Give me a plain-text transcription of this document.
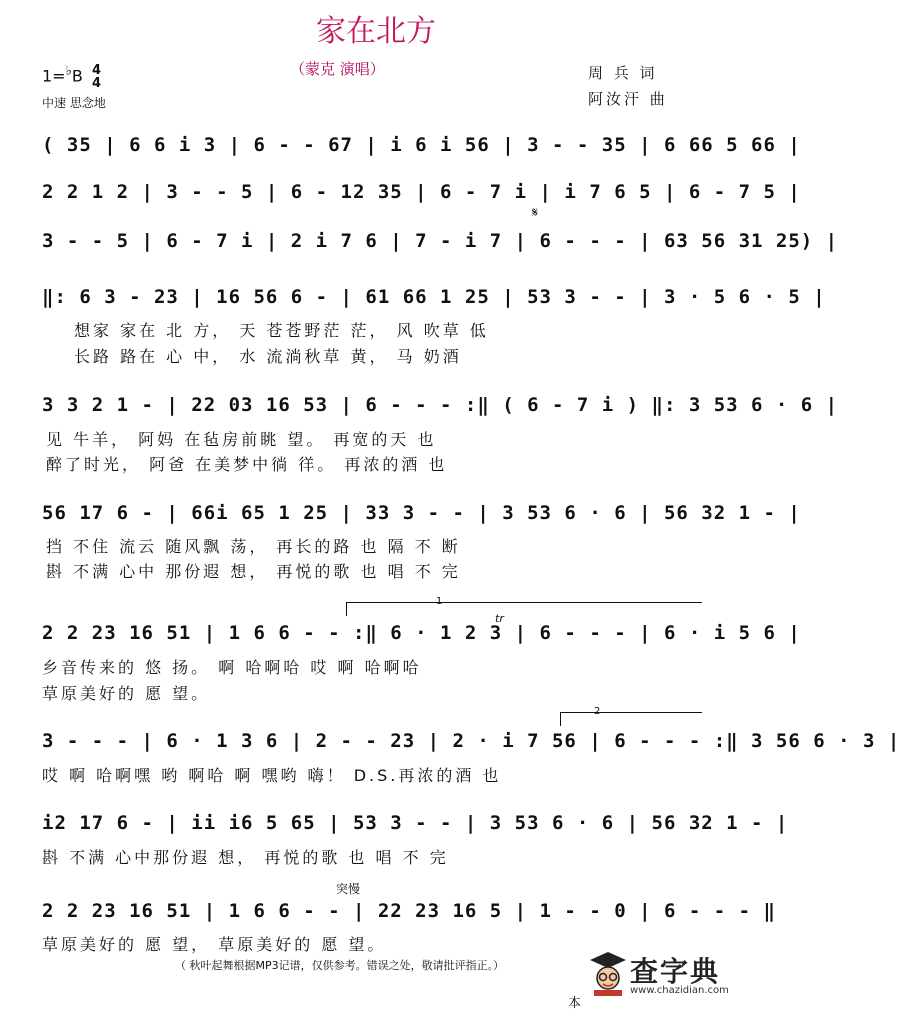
家在北方
（蒙克 演唱）
1=♭B 4
4
中速 思念地
周 兵 词
阿汝汗 曲
𝄋
突慢
tr
( 35 | 6 6 i 3 | 6 - - 67 | i 6 i 56 | 3 - - 35 | 6 66 5 66 |
2 2 1 2 | 3 - - 5 | 6 - 12 35 | 6 - 7 i | i 7 6 5 | 6 - 7 5 |
3 - - 5 | 6 - 7 i | 2 i 7 6 | 7 - i 7 | 6 - - - | 63 56 31 25) |
‖: 6 3 - 23 | 16 56 6 - | 61 66 1 25 | 53 3 - - | 3 · 5 6 · 5 |
想家 家在 北 方， 天 苍苍野茫 茫， 风 吹草 低
长路 路在 心 中， 水 流淌秋草 黄， 马 奶酒
3 3 2 1 - | 22 03 16 53 | 6 - - - :‖ ( 6 - 7 i ) ‖: 3 53 6 · 6 |
见 牛羊， 阿妈 在毡房前眺 望。 再宽的天 也
醉了时光， 阿爸 在美梦中徜 徉。 再浓的酒 也
56 17 6 - | 66i 65 1 25 | 33 3 - - | 3 53 6 · 6 | 56 32 1 - |
挡 不住 流云 随风飘 荡， 再长的路 也 隔 不 断
斟 不满 心中 那份遐 想， 再悦的歌 也 唱 不 完
2 2 23 16 51 | 1 6 6 - - :‖ 6 · 1 2 3 | 6 - - - | 6 · i 5 6 |
乡音传来的 悠 扬。 啊 哈啊哈 哎 啊 哈啊哈
草原美好的 愿 望。
3 - - - | 6 · 1 3 6 | 2 - - 23 | 2 · i 7 56 | 6 - - - :‖ 3 56 6 · 3 |
哎 啊 哈啊嘿 哟 啊哈 啊 嘿哟 嗨！ D.S.再浓的酒 也
i2 17 6 - | ii i6 5 65 | 53 3 - - | 3 53 6 · 6 | 56 32 1 - |
斟 不满 心中那份遐 想， 再悦的歌 也 唱 不 完
2 2 23 16 51 | 1 6 6 - - | 22 23 16 5 | 1 - - 0 | 6 - - - ‖
草原美好的 愿 望， 草原美好的 愿 望。
（ 秋叶起舞根据MP3记谱，仅供参考。错误之处，敬请批评指正。）
本
查字典
www.chazidian.com
